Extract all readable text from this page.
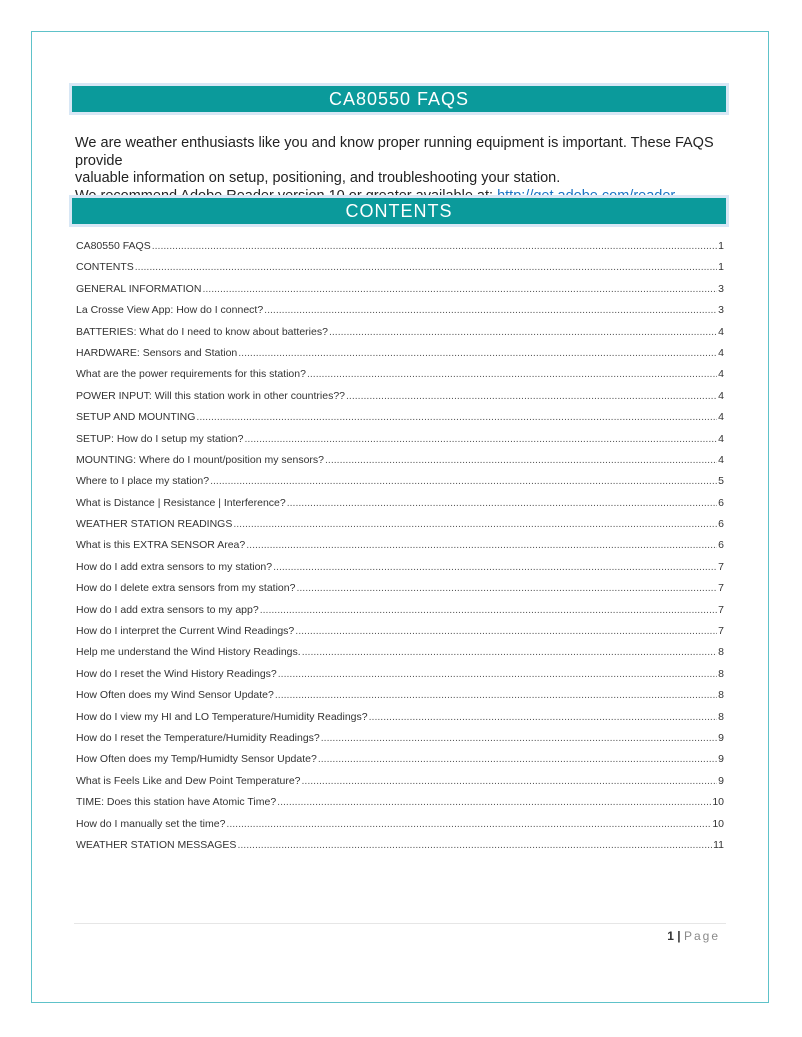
CA80550 FAQS
We are weather enthusiasts like you and know proper running equipment is important. These FAQS provide
valuable information on setup, positioning, and troubleshooting your station.
CONTENTS
CA80550 FAQS .....	1
CONTENTS .....	1
GENERAL INFORMATION .....	3
La Crosse View App: How do I connect? .....	3
BATTERIES: What do I need to know about batteries? .....	4
HARDWARE: Sensors and Station .....	4
What are the power requirements for this station? .....	4
POWER INPUT: Will this station work in other countries?? .....	4
SETUP AND MOUNTING .....	4
SETUP: How do I setup my station? .....	4
MOUNTING: Where do I mount/position my sensors? .....	4
Where to I place my station? .....	5
What is Distance | Resistance | Interference? .....	6
WEATHER STATION READINGS .....	6
What is this EXTRA SENSOR Area? .....	6
How do I add extra sensors to my station? .....	7
How do I delete extra sensors from my station? .....	7
How do I add extra sensors to my app? .....	7
How do I interpret the Current Wind Readings? .....	7
Help me understand the Wind History Readings. .....	8
How do I reset the Wind History Readings? .....	8
How Often does my Wind Sensor Update? .....	8
How do I view my HI and LO Temperature/Humidity Readings? .....	8
How do I reset the Temperature/Humidity Readings? .....	9
How Often does my Temp/Humidty Sensor Update? .....	9
What is Feels Like and Dew Point Temperature? .....	9
TIME: Does this station have Atomic Time? .....	10
How do I manually set the time? .....	10
WEATHER STATION MESSAGES .....	11
1 | Page
